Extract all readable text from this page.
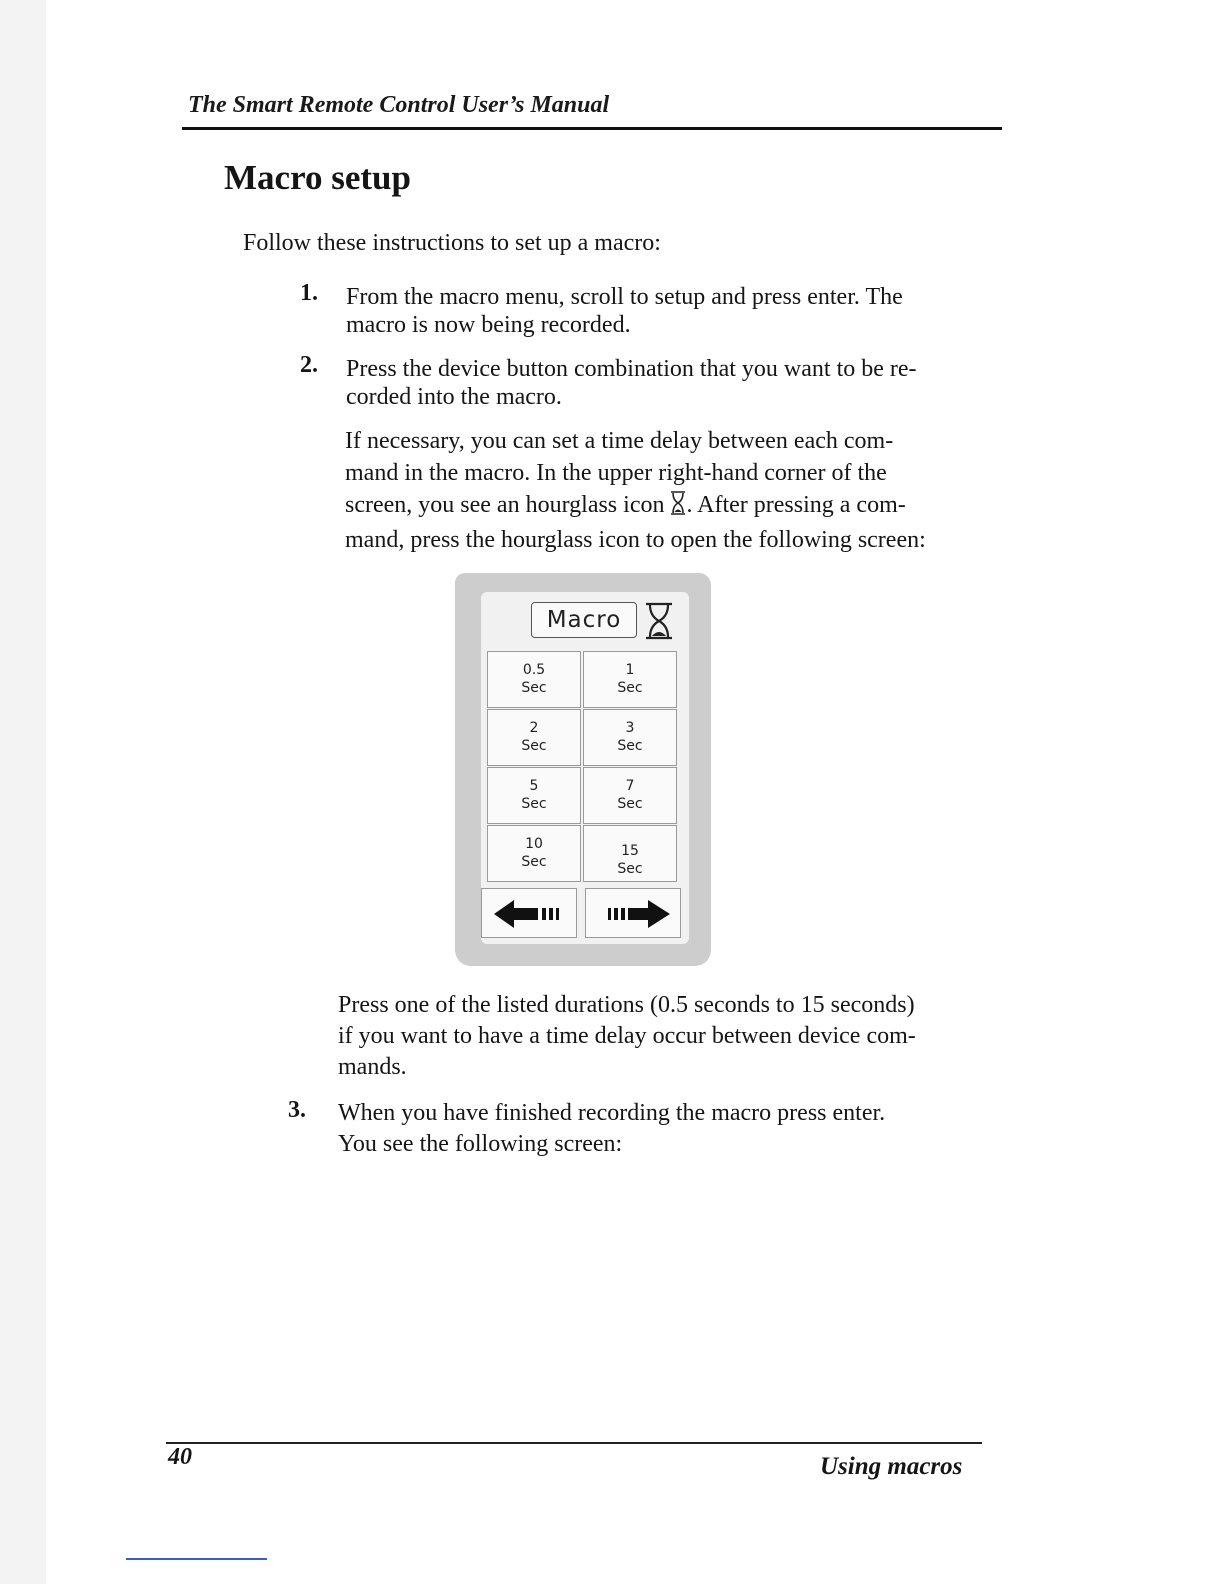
The Smart Remote Control User’s Manual
Macro setup
Follow these instructions to set up a macro:
1. From the macro menu, scroll to setup and press enter. The
macro is now being recorded.
2. Press the device button combination that you want to be re-
corded into the macro.
If necessary, you can set a time delay between each com-
mand in the macro. In the upper right-hand corner of the
screen, you see an hourglass icon . After pressing a com-
mand, press the hourglass icon to open the following screen:
Macro
0.5
Sec
1
Sec
2
Sec
3
Sec
5
Sec
7
Sec
10
Sec
15
Sec
Press one of the listed durations (0.5 seconds to 15 seconds)
if you want to have a time delay occur between device com-
mands.
3. When you have finished recording the macro press enter.
You see the following screen:
40	Using macros
